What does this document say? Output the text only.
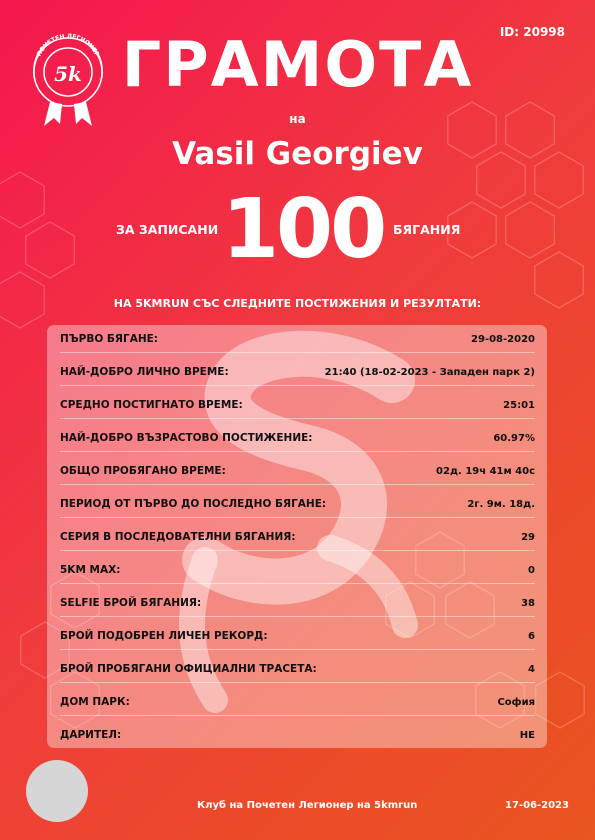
ПОЧЕТЕН ЛЕГИОНЕР
5k
ID: 20998
ГРАМОТА
на
Vasil Georgiev
ЗА ЗАПИСАНИ 100 БЯГАНИЯ
НА 5KMRUN СЪС СЛЕДНИТЕ ПОСТИЖЕНИЯ И РЕЗУЛТАТИ:
ПЪРВО БЯГАНЕ:	29-08-2020
НАЙ-ДОБРО ЛИЧНО ВРЕМЕ:	21:40 (18-02-2023 - Западен парк 2)
СРЕДНО ПОСТИГНАТО ВРЕМЕ:	25:01
НАЙ-ДОБРО ВЪЗРАСТОВО ПОСТИЖЕНИЕ:	60.97%
ОБЩО ПРОБЯГАНО ВРЕМЕ:	02д. 19ч 41м 40с
ПЕРИОД ОТ ПЪРВО ДО ПОСЛЕДНО БЯГАНЕ:	2г. 9м. 18д.
СЕРИЯ В ПОСЛЕДОВАТЕЛНИ БЯГАНИЯ:	29
5KM MAX:	0
SELFIE БРОЙ БЯГАНИЯ:	38
БРОЙ ПОДОБРЕН ЛИЧЕН РЕКОРД:	6
БРОЙ ПРОБЯГАНИ ОФИЦИАЛНИ ТРАСЕТА:	4
ДОМ ПАРК:	София
ДАРИТЕЛ:	НЕ
Клуб на Почетен Легионер на 5kmrun	17-06-2023
